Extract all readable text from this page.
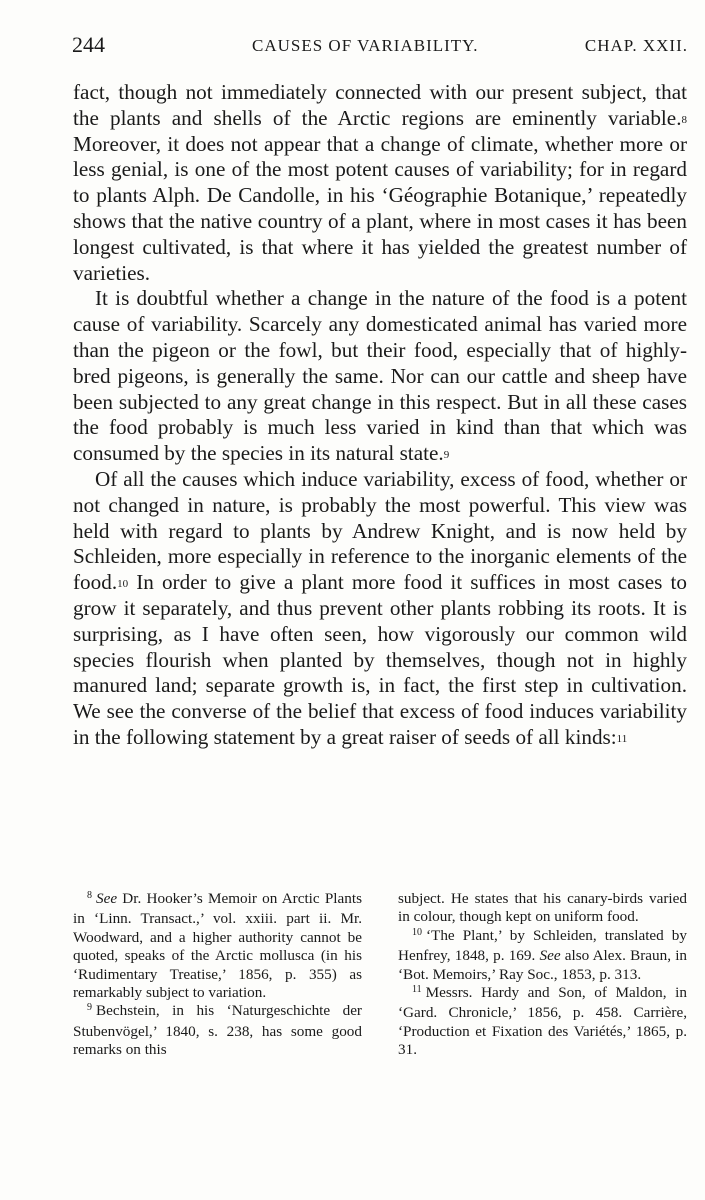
244	CAUSES OF VARIABILITY.	CHAP. XXII.

fact, though not immediately connected with our present subject, that the plants and shells of the Arctic regions are eminently variable.$^8$ Moreover, it does not appear that a change of climate, whether more or less genial, is one of the most potent causes of variability; for in regard to plants Alph. De Candolle, in his ‘Géographie Botanique,’ repeatedly shows that the native country of a plant, where in most cases it has been longest cultivated, is that where it has yielded the greatest number of varieties.

It is doubtful whether a change in the nature of the food is a potent cause of variability. Scarcely any domesticated animal has varied more than the pigeon or the fowl, but their food, especially that of highly-bred pigeons, is generally the same. Nor can our cattle and sheep have been subjected to any great change in this respect. But in all these cases the food probably is much less varied in kind than that which was consumed by the species in its natural state.$^9$

Of all the causes which induce variability, excess of food, whether or not changed in nature, is probably the most powerful. This view was held with regard to plants by Andrew Knight, and is now held by Schleiden, more especially in reference to the inorganic elements of the food.$^{10}$ In order to give a plant more food it suffices in most cases to grow it separately, and thus prevent other plants robbing its roots. It is surprising, as I have often seen, how vigorously our common wild species flourish when planted by themselves, though not in highly manured land; separate growth is, in fact, the first step in cultivation. We see the converse of the belief that excess of food induces variability in the following statement by a great raiser of seeds of all kinds:$^{11}$

$^8$ See Dr. Hooker’s Memoir on Arctic Plants in ‘Linn. Transact.,’ vol. xxiii. part ii. Mr. Woodward, and a higher authority cannot be quoted, speaks of the Arctic mollusca (in his ‘Rudimentary Treatise,’ 1856, p. 355) as remarkably subject to variation.

$^9$ Bechstein, in his ‘Naturgeschichte der Stubenvögel,’ 1840, s. 238, has some good remarks on this

subject. He states that his canary-birds varied in colour, though kept on uniform food.

$^{10}$ ‘The Plant,’ by Schleiden, translated by Henfrey, 1848, p. 169. See also Alex. Braun, in ‘Bot. Memoirs,’ Ray Soc., 1853, p. 313.

$^{11}$ Messrs. Hardy and Son, of Maldon, in ‘Gard. Chronicle,’ 1856, p. 458. Carrière, ‘Production et Fixation des Variétés,’ 1865, p. 31.
